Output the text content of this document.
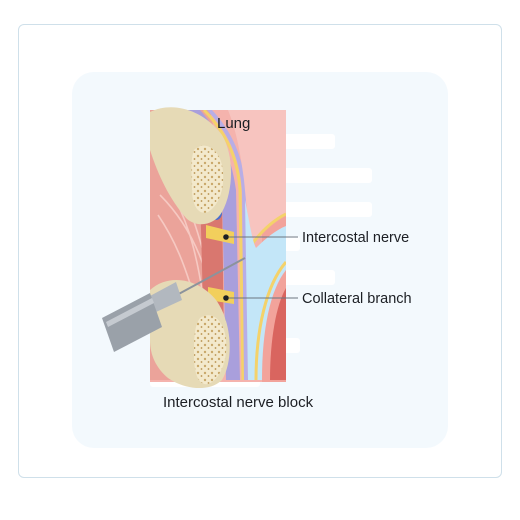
Lung
Intercostal nerve
Collateral branch
Intercostal nerve block
